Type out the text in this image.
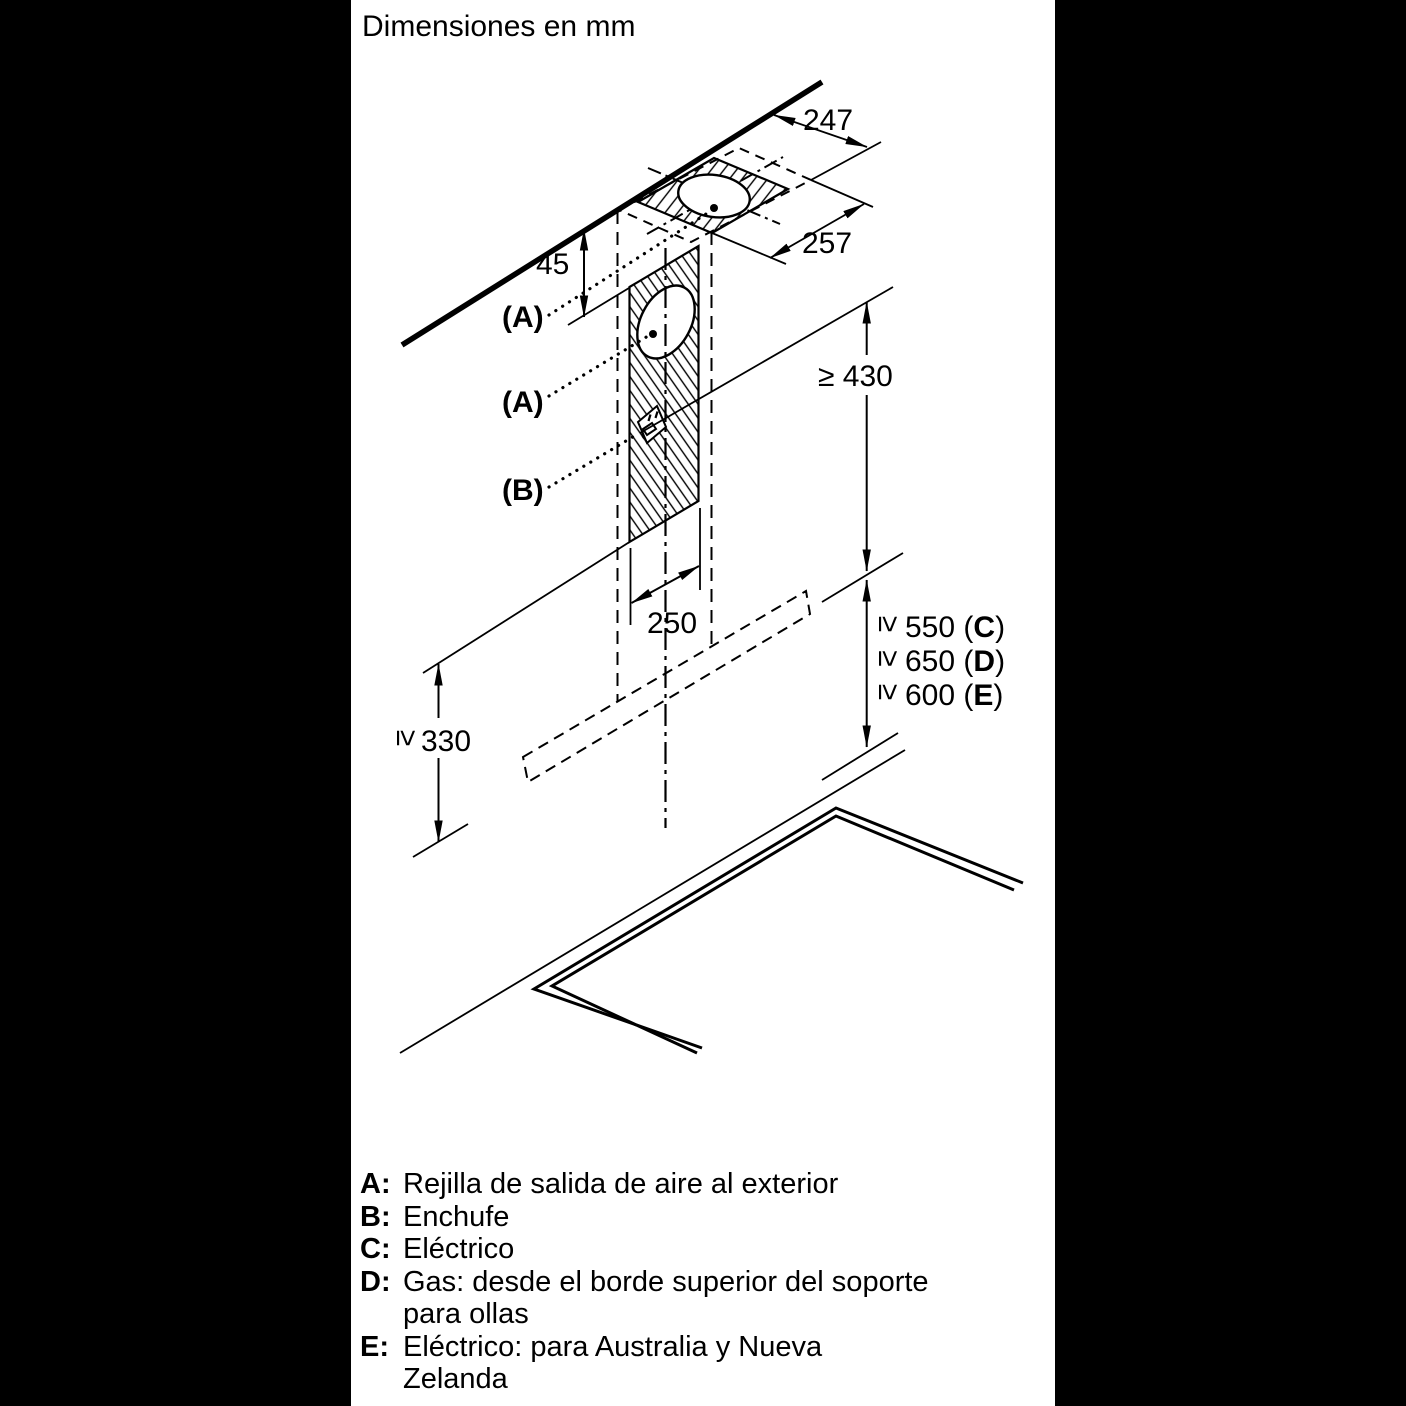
Dimensiones en mm
247
257
45
(A)
(A)
(B)
≥ 430
250	≥ 550 (C)
≥ 650 (D)
≥ 600 (E)
≥
330
A: Rejilla de salida de aire al exterior
B: Enchufe
C: Eléctrico
D: Gas: desde el borde superior del soporte
para ollas
E: Eléctrico: para Australia y Nueva
Zelanda
